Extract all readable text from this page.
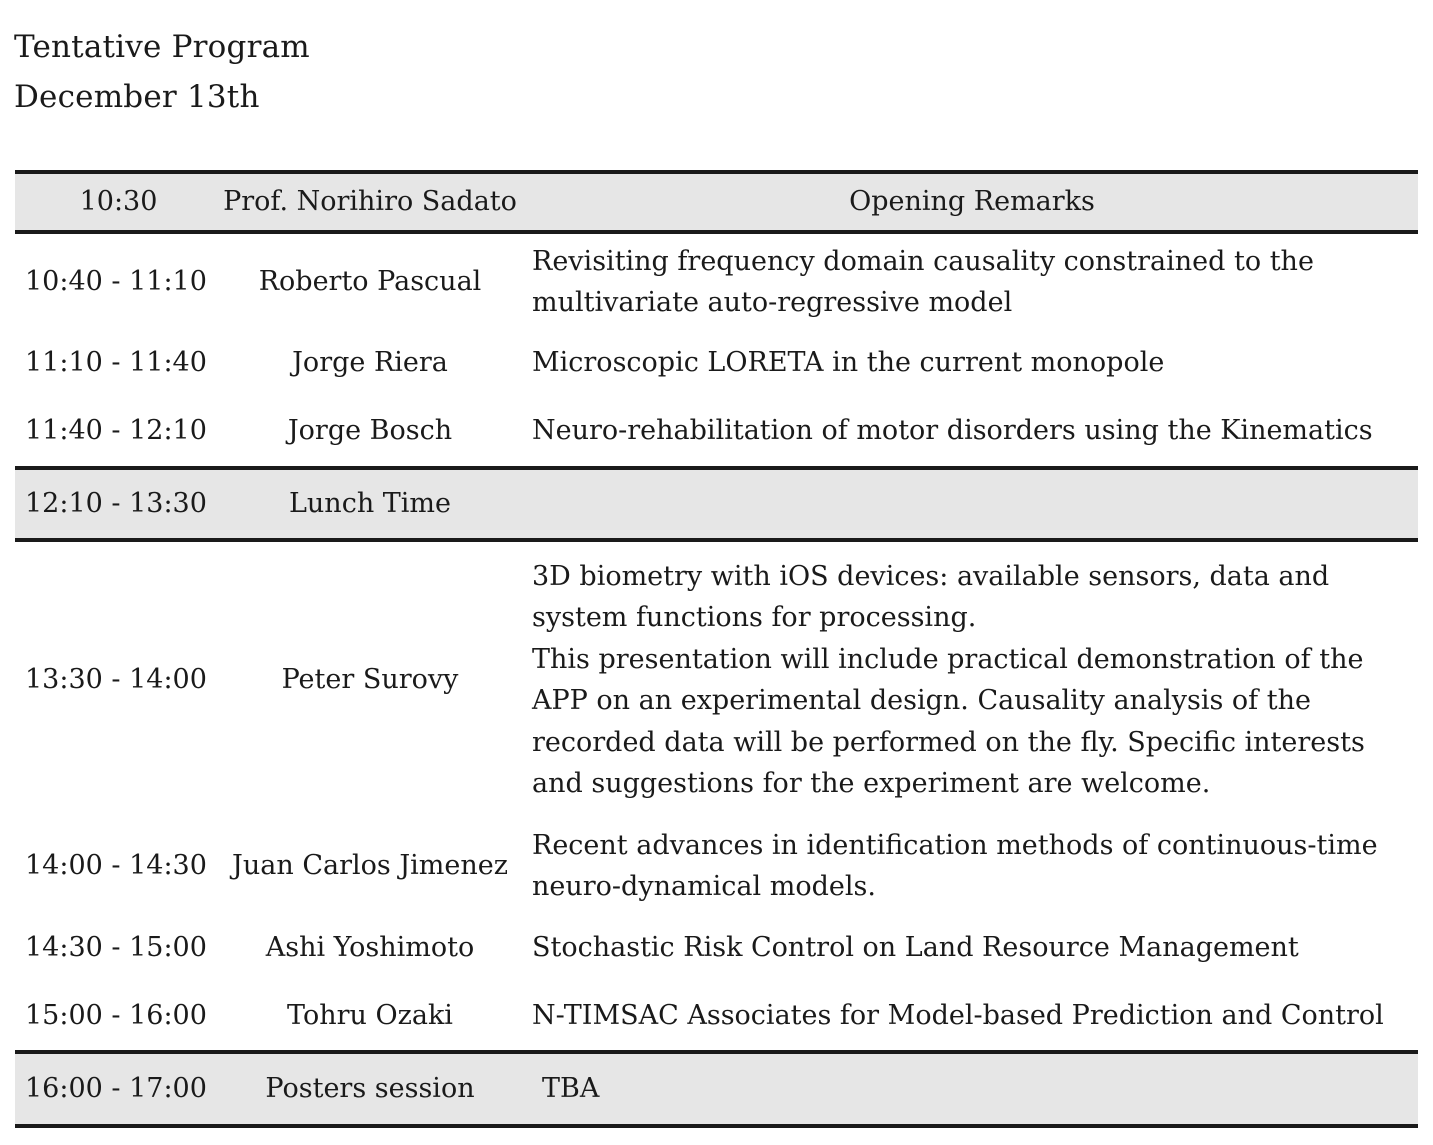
Tentative Program
December 13th
10:30	Prof. Norihiro Sadato	Opening Remarks
10:40 - 11:10	Roberto Pascual	Revisiting frequency domain causality constrained to the multivariate auto-regressive model
11:10 - 11:40	Jorge Riera	Microscopic LORETA in the current monopole
11:40 - 12:10	Jorge Bosch	Neuro-rehabilitation of motor disorders using the Kinematics
12:10 - 13:30	Lunch Time	
13:30 - 14:00	Peter Surovy	3D biometry with iOS devices: available sensors, data and system functions for processing.
This presentation will include practical demonstration of the APP on an experimental design. Causality analysis of the recorded data will be performed on the fly. Specific interests and suggestions for the experiment are welcome.

14:00 - 14:30	Juan Carlos Jimenez	Recent advances in identification methods of continuous-time neuro-dynamical models.
14:30 - 15:00	Ashi Yoshimoto	Stochastic Risk Control on Land Resource Management
15:00 - 16:00	Tohru Ozaki	N-TIMSAC Associates for Model-based Prediction and Control
16:00 - 17:00	Posters session	TBA
